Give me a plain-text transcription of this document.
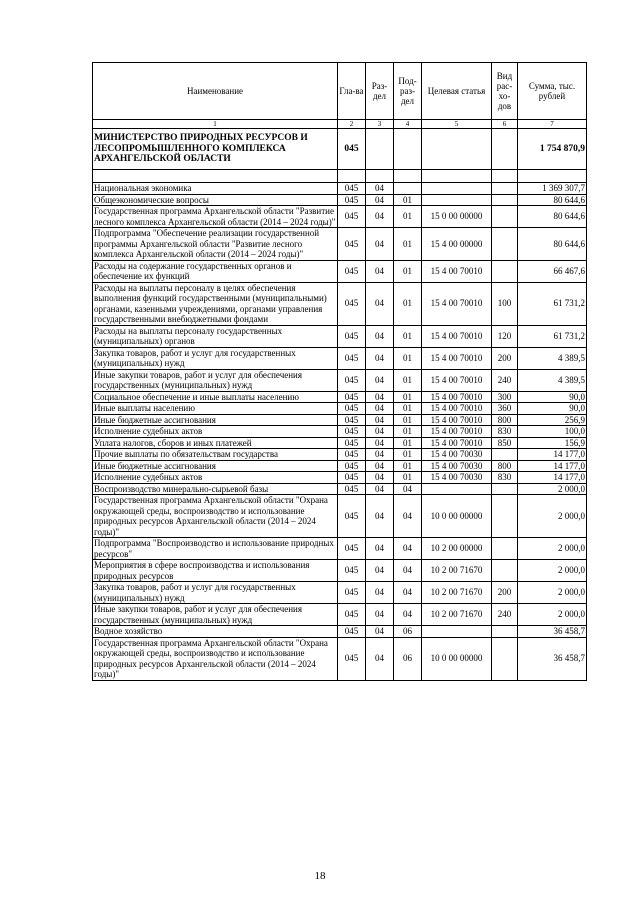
Наименование	Гла-ва	Раз-дел	Под-раз-дел	Целевая статья	Вид рас-хо-дов	Сумма, тыс. рублей
1	2	3	4	5	6	7
МИНИСТЕРСТВО ПРИРОДНЫХ РЕСУРСОВ И ЛЕСОПРОМЫШЛЕННОГО КОМПЛЕКСА АРХАНГЕЛЬСКОЙ ОБЛАСТИ	045					1 754 870,9

Национальная экономика	045	04				1 369 307,7
Общеэкономические вопросы	045	04	01			80 644,6
Государственная программа Архангельской области "Развитие лесного комплекса Архангельской области (2014 – 2024 годы)"	045	04	01	15 0 00 00000		80 644,6
Подпрограмма "Обеспечение реализации государственной программы Архангельской области "Развитие лесного комплекса Архангельской области (2014 – 2024 годы)"	045	04	01	15 4 00 00000		80 644,6
Расходы на содержание государственных органов и обеспечение их функций	045	04	01	15 4 00 70010		66 467,6
Расходы на выплаты персоналу в целях обеспечения выполнения функций государственными (муниципальными) органами, казенными учреждениями, органами управления государственными внебюджетными фондами	045	04	01	15 4 00 70010	100	61 731,2
Расходы на выплаты персоналу государственных (муниципальных) органов	045	04	01	15 4 00 70010	120	61 731,2
Закупка товаров, работ и услуг для государственных (муниципальных) нужд	045	04	01	15 4 00 70010	200	4 389,5
Иные закупки товаров, работ и услуг для обеспечения государственных (муниципальных) нужд	045	04	01	15 4 00 70010	240	4 389,5
Социальное обеспечение и иные выплаты населению	045	04	01	15 4 00 70010	300	90,0
Иные выплаты населению	045	04	01	15 4 00 70010	360	90,0
Иные бюджетные ассигнования	045	04	01	15 4 00 70010	800	256,9
Исполнение судебных актов	045	04	01	15 4 00 70010	830	100,0
Уплата налогов, сборов и иных платежей	045	04	01	15 4 00 70010	850	156,9
Прочие выплаты по обязательствам государства	045	04	01	15 4 00 70030		14 177,0
Иные бюджетные ассигнования	045	04	01	15 4 00 70030	800	14 177,0
Исполнение судебных актов	045	04	01	15 4 00 70030	830	14 177,0
Воспроизводство минерально-сырьевой базы	045	04	04			2 000,0
Государственная программа Архангельской области "Охрана окружающей среды, воспроизводство и использование природных ресурсов Архангельской области (2014 – 2024 годы)"	045	04	04	10 0 00 00000		2 000,0
Подпрограмма "Воспроизводство и использование природных ресурсов"	045	04	04	10 2 00 00000		2 000,0
Мероприятия в сфере воспроизводства и использования природных ресурсов	045	04	04	10 2 00 71670		2 000,0
Закупка товаров, работ и услуг для государственных (муниципальных) нужд	045	04	04	10 2 00 71670	200	2 000,0
Иные закупки товаров, работ и услуг для обеспечения государственных (муниципальных) нужд	045	04	04	10 2 00 71670	240	2 000,0
Водное хозяйство	045	04	06			36 458,7
Государственная программа Архангельской области "Охрана окружающей среды, воспроизводство и использование природных ресурсов Архангельской области (2014 – 2024 годы)"	045	04	06	10 0 00 00000		36 458,7
18
